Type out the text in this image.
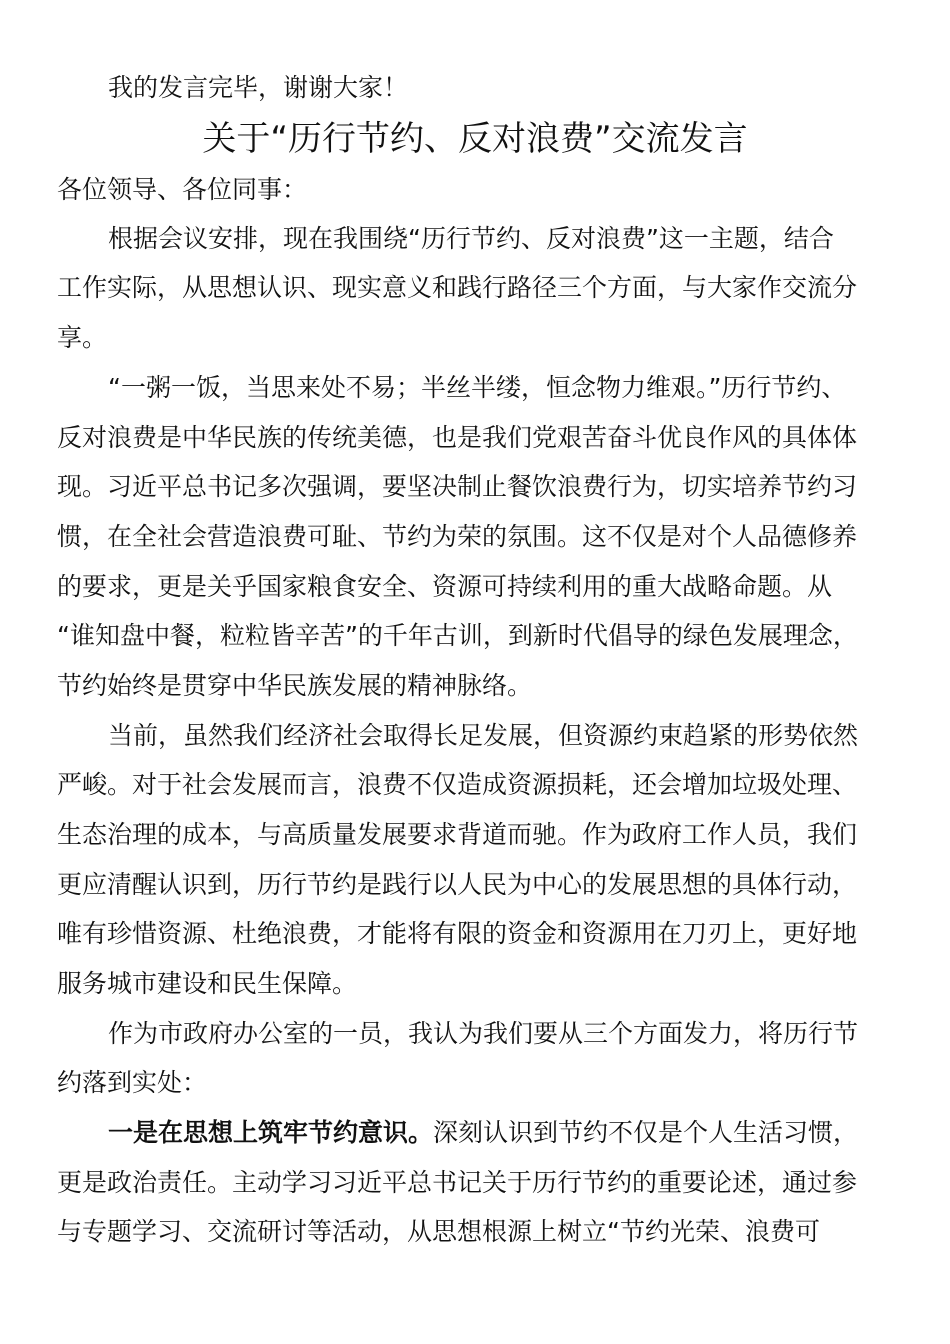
我的发言完毕，谢谢大家！
关于“历行节约、反对浪费”交流发言
各位领导、各位同事：
根据会议安排，现在我围绕“历行节约、反对浪费”这一主题，结合
工作实际，从思想认识、现实意义和践行路径三个方面，与大家作交流分
享。
“一粥一饭，当思来处不易；半丝半缕，恒念物力维艰。”历行节约、
反对浪费是中华民族的传统美德，也是我们党艰苦奋斗优良作风的具体体
现。习近平总书记多次强调，要坚决制止餐饮浪费行为，切实培养节约习
惯，在全社会营造浪费可耻、节约为荣的氛围。这不仅是对个人品德修养
的要求，更是关乎国家粮食安全、资源可持续利用的重大战略命题。从
“谁知盘中餐，粒粒皆辛苦”的千年古训，到新时代倡导的绿色发展理念，
节约始终是贯穿中华民族发展的精神脉络。
当前，虽然我们经济社会取得长足发展，但资源约束趋紧的形势依然
严峻。对于社会发展而言，浪费不仅造成资源损耗，还会增加垃圾处理、
生态治理的成本，与高质量发展要求背道而驰。作为政府工作人员，我们
更应清醒认识到，历行节约是践行以人民为中心的发展思想的具体行动，
唯有珍惜资源、杜绝浪费，才能将有限的资金和资源用在刀刃上，更好地
服务城市建设和民生保障。
作为市政府办公室的一员，我认为我们要从三个方面发力，将历行节
约落到实处：
一是在思想上筑牢节约意识。深刻认识到节约不仅是个人生活习惯，
更是政治责任。主动学习习近平总书记关于历行节约的重要论述，通过参
与专题学习、交流研讨等活动，从思想根源上树立“节约光荣、浪费可
